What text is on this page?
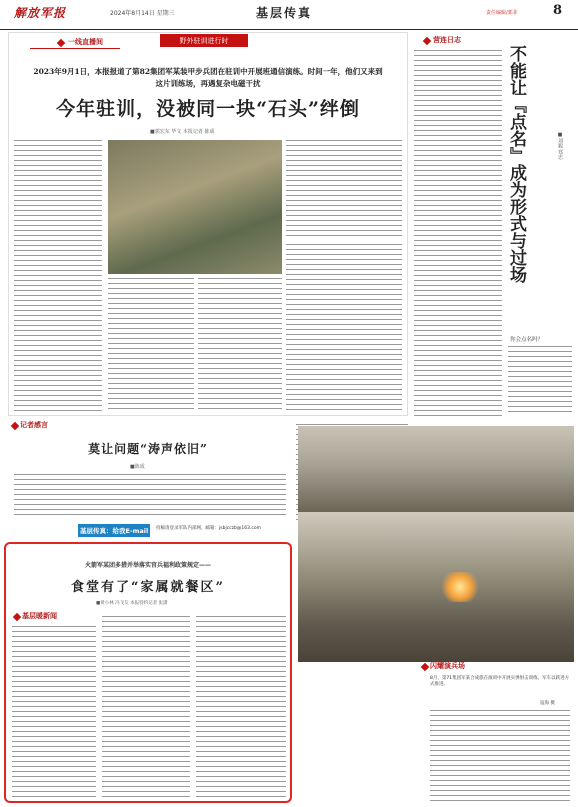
解放军报	2024年8月14日 星期三	基层传真	责任编辑/郭菲	8
一线直播间	野外驻训进行时
2023年9月1日，本报报道了第82集团军某装甲步兵团在驻训中开展班通信演练。时间一年，他们又来到这片训练场，再遇复杂电磁干扰
今年驻训，没被同一块“石头”绊倒
■郭宏东 毕文 本报记者 陈成
营连日志
不能让『点名』成为形式与过场	■刘毅 郑忠
你会点名吗？
记者感言
莫让问题“涛声依旧”
■陈成
基层传真：给我E-mail	投稿请登录军队内部网，邮箱：jsbjcczb@163.com
闪耀演兵场
8月，第71集团军某合成旅在演训中开展实弹射击训练，军车以跃进方式推进。
寇海 摄
火箭军某团多措并举落实官兵福利政策规定——
食堂有了“家属就餐区”
■黄小林 冯飞友 本报特约记者 张潇
基层暖新闻
